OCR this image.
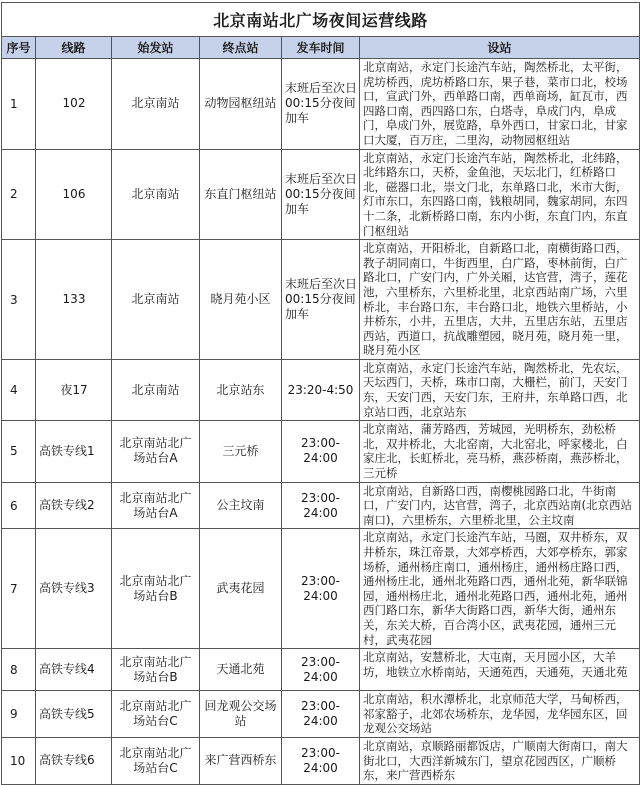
北京南站北广场夜间运营线路					
序号	线路	始发站	终点站	发车时间	设站
1	102	北京南站	动物园枢纽站	末班后至次日00:15分夜间加车	北京南站，永定门长途汽车站，陶然桥北，太平街，虎坊桥西，虎坊桥路口东，果子巷，菜市口北，校场口，宣武门外，西单路口南，西单商场，缸瓦市，西四路口南，西四路口东，白塔寺，阜成门内，阜成门，阜成门外，展览路，阜外西口，甘家口北，甘家口大厦，百万庄，二里沟，动物园枢纽站
2	106	北京南站	东直门枢纽站	末班后至次日00:15分夜间加车	北京南站，永定门长途汽车站，陶然桥北，北纬路，北纬路东口，天桥，金鱼池，天坛北门，红桥路口北，磁器口北，崇文门北，东单路口北，米市大街，灯市东口，东四路口南，钱粮胡同，魏家胡同，东四十二条，北新桥路口南，东内小街，东直门内，东直门枢纽站
3	133	北京南站	晓月苑小区	末班后至次日00:15分夜间加车	北京南站，开阳桥北，自新路口北，南横街路口西，教子胡同南口，牛街西里，白广路，枣林前街，白广路北口，广安门内，广外关厢，达官营，湾子，莲花池，六里桥东，六里桥北里，北京西站南广场，六里桥北，丰台路口东，丰台路口北，地铁六里桥站，小井桥东，小井，五里店，大井，五里店东站，五里店西站，西道口，抗战雕塑园，晓月苑，晓月苑一里，晓月苑小区
4	夜17	北京南站	北京站东	23:20-4:50	北京南站，永定门长途汽车站，陶然桥北，先农坛，天坛西门，天桥，珠市口南，大栅栏，前门，天安门东，天安门西，天安门东，王府井，东单路口西，北京站口西，北京站东
5	高铁专线1	北京南站北广场站台A	三元桥	23:00-24:00	北京南站，蒲芳路西，芳城园，光明桥东，劲松桥北，双井桥北，大北窑南，大北窑北，呼家楼北，白家庄北，长虹桥北，亮马桥，燕莎桥南，燕莎桥北，三元桥
6	高铁专线2	北京南站北广场站台A	公主坟南	23:00-24:00	北京南站，自新路口西，南樱桃园路口北，牛街南口，广安门内，达官营，湾子，北京西站南(北京西站南口)，六里桥东，六里桥北里，公主坟南
7	高铁专线3	北京南站北广场站台B	武夷花园	23:00-24:00	北京南站，永定门长途汽车站，马圈，双井桥东，双井桥东，珠江帝景，大郊亭桥西，大郊亭桥东，郭家场桥，通州杨庄南口，通州杨庄，通州杨庄路口西，通州杨庄北，通州北苑路口西，通州北苑，新华联锦园，通州杨庄北，通州北苑路口西，通州北苑，通州西门路口东，新华大街路口西，新华大街，通州东关，东关大桥，百合湾小区，武夷花园，通州三元村，武夷花园
8	高铁专线4	北京南站北广场站台B	天通北苑	23:00-24:00	北京南站，安慧桥北，大屯南，天月园小区，大羊坊，地铁立水桥南站，天通苑西，天通苑，天通北苑
9	高铁专线5	北京南站北广场站台C	回龙观公交场站	23:00-24:00	北京南站，积水潭桥北，北京师范大学，马甸桥西，祁家豁子，北郊农场桥东，龙华园，龙华园东区，回龙观公交场站
10	高铁专线6	北京南站北广场站台C	来广营西桥东	23:00-24:00	北京南站，京顺路丽都饭店，广顺南大街南口，南大街北口，大西洋新城东门，望京花园西区，广顺桥东，来广营西桥东
